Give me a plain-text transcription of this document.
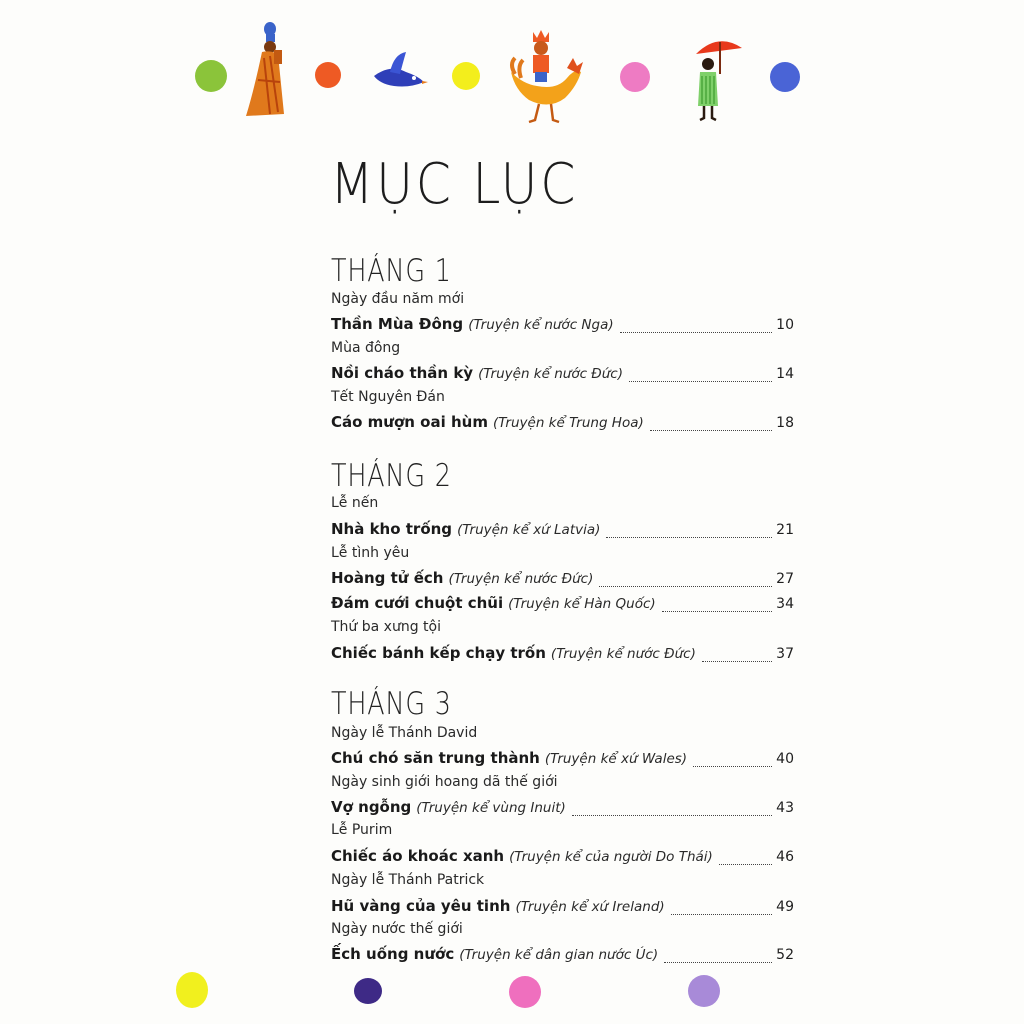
MỤC LỤC
THÁNG 1
Ngày đầu năm mới
Thần Mùa Đông (Truyện kể nước Nga)	10
Mùa đông
Nồi cháo thần kỳ (Truyện kể nước Đức)	14
Tết Nguyên Đán
Cáo mượn oai hùm (Truyện kể Trung Hoa)	18
THÁNG 2
Lễ nến
Nhà kho trống (Truyện kể xứ Latvia)	21
Lễ tình yêu
Hoàng tử ếch (Truyện kể nước Đức)	27
Đám cưới chuột chũi (Truyện kể Hàn Quốc)	34
Thứ ba xưng tội
Chiếc bánh kếp chạy trốn (Truyện kể nước Đức)	37
THÁNG 3
Ngày lễ Thánh David
Chú chó săn trung thành (Truyện kể xứ Wales)	40
Ngày sinh giới hoang dã thế giới
Vợ ngỗng (Truyện kể vùng Inuit)	43
Lễ Purim
Chiếc áo khoác xanh (Truyện kể của người Do Thái)	46
Ngày lễ Thánh Patrick
Hũ vàng của yêu tinh (Truyện kể xứ Ireland)	49
Ngày nước thế giới
Ếch uống nước (Truyện kể dân gian nước Úc)	52
